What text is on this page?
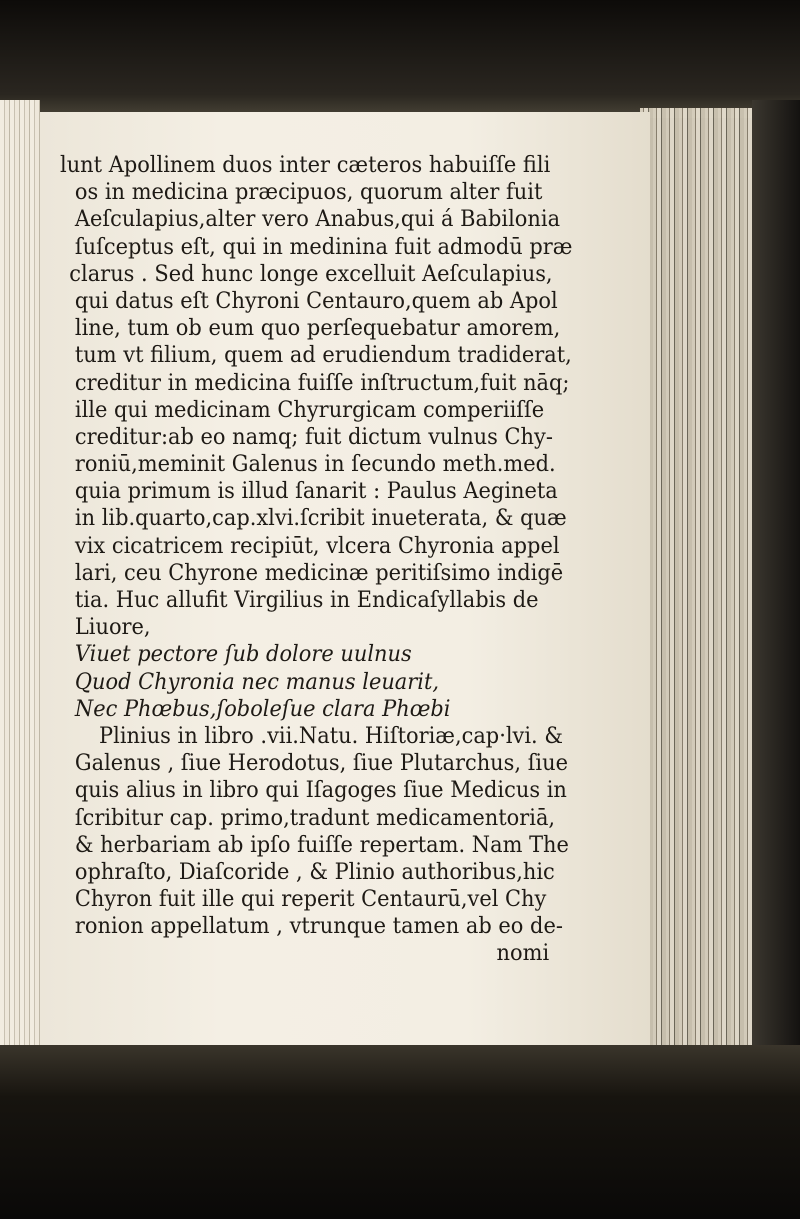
lunt Apollinem duos inter cæteros habuiſſe fili
os in medicina præcipuos, quorum alter fuit
Aeſculapius,alter vero Anabus,qui á Babilonia
ſuſceptus eſt, qui in medinina fuit admodū præ
clarus . Sed hunc longe excelluit Aeſculapius,
qui datus eſt Chyroni Centauro,quem ab Apol
line, tum ob eum quo perſequebatur amorem,
tum vt filium, quem ad erudiendum tradiderat,
creditur in medicina fuiſſe inſtructum,fuit nāq;
ille qui medicinam Chyrurgicam comperiiſſe
creditur:ab eo namq; fuit dictum vulnus Chy-
roniū,meminit Galenus in ſecundo meth.med.
quia primum is illud ſanarit : Paulus Aegineta
in lib.quarto,cap.xlvi.ſcribit inueterata, & quæ
vix cicatricem recipiūt, vlcera Chyronia appel
lari, ceu Chyrone medicinæ peritiſsimo indigē
tia. Huc allufit Virgilius in Endicaſyllabis de
Liuore,
Viuet pectore ſub dolore uulnus
Quod Chyronia nec manus leuarit,
Nec Phœbus,ſoboleſue clara Phœbi
Plinius in libro .vii.Natu. Hiſtoriæ,cap·lvi. &
Galenus , ſiue Herodotus, ſiue Plutarchus, ſiue
quis alius in libro qui Iſagoges ſiue Medicus in
ſcribitur cap. primo,tradunt medicamentoriā,
& herbariam ab ipſo fuiſſe repertam. Nam The
ophraſto, Diaſcoride , & Plinio authoribus,hic
Chyron fuit ille qui reperit Centaurū,vel Chy
ronion appellatum , vtrunque tamen ab eo de-
nomi
